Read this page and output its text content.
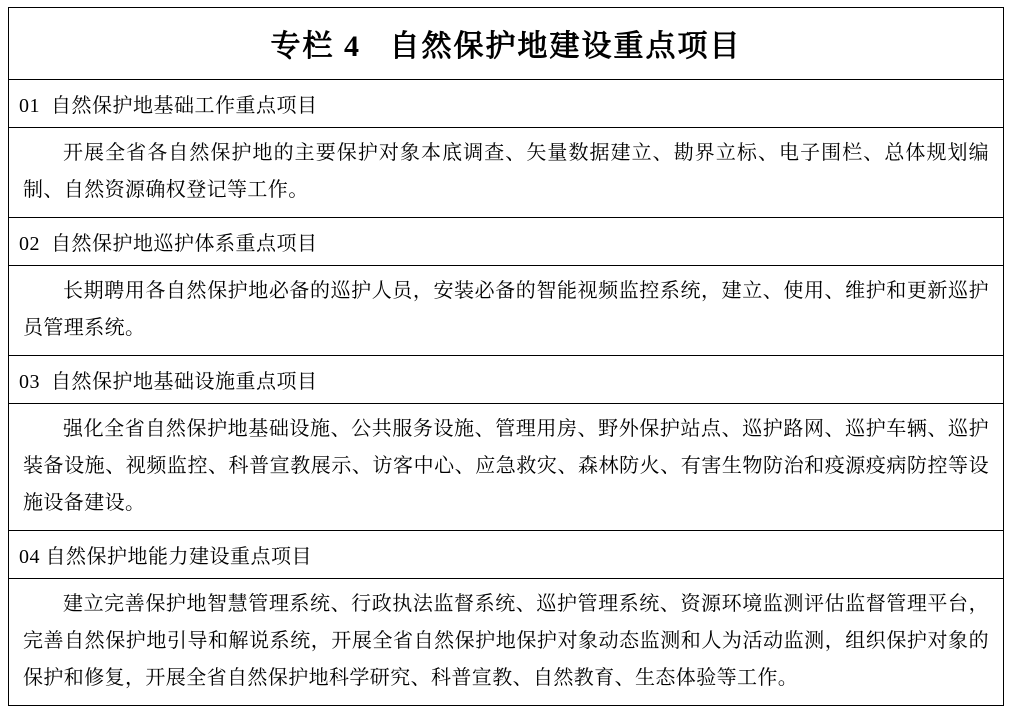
专栏 4   自然保护地建设重点项目
01  自然保护地基础工作重点项目
开展全省各自然保护地的主要保护对象本底调查、矢量数据建立、勘界立标、电子围栏、总体规划编制、自然资源确权登记等工作。
02  自然保护地巡护体系重点项目
长期聘用各自然保护地必备的巡护人员，安装必备的智能视频监控系统，建立、使用、维护和更新巡护员管理系统。
03  自然保护地基础设施重点项目
强化全省自然保护地基础设施、公共服务设施、管理用房、野外保护站点、巡护路网、巡护车辆、巡护装备设施、视频监控、科普宣教展示、访客中心、应急救灾、森林防火、有害生物防治和疫源疫病防控等设施设备建设。
04 自然保护地能力建设重点项目
建立完善保护地智慧管理系统、行政执法监督系统、巡护管理系统、资源环境监测评估监督管理平台，完善自然保护地引导和解说系统，开展全省自然保护地保护对象动态监测和人为活动监测，组织保护对象的保护和修复，开展全省自然保护地科学研究、科普宣教、自然教育、生态体验等工作。
